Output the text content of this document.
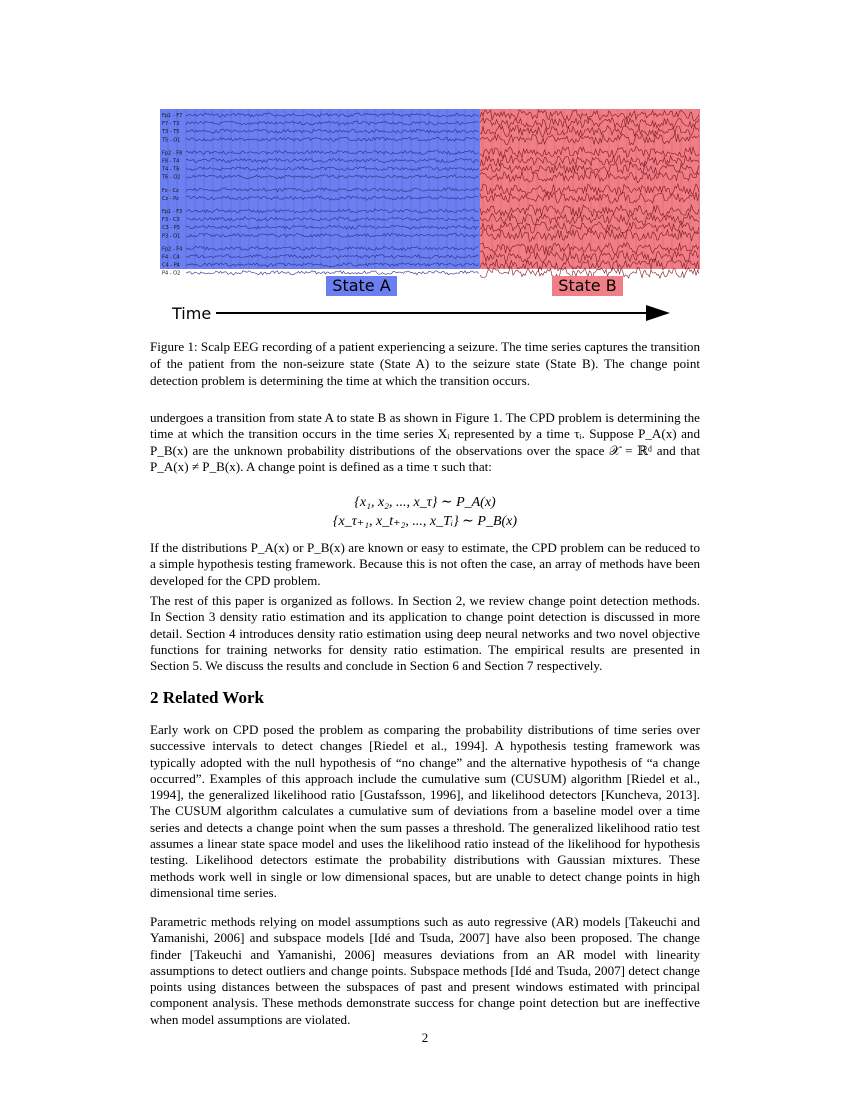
Fp1 - F7
F7 - T3
T3 - T5
T5 - O1
Fp2 - F8
F8 - T4
T4 - T6
T6 - O2
Fz - Cz
Cz - Pz
Fp1 - F3
F3 - C3
C3 - P3
P3 - O1
Fp2 - F4
F4 - C4
C4 - P4
P4 - O2
State A	State B
Time
Figure 1: Scalp EEG recording of a patient experiencing a seizure. The time series captures the transition of the patient from the non-seizure state (State A) to the seizure state (State B). The change point detection problem is determining the time at which the transition occurs.
undergoes a transition from state A to state B as shown in Figure 1. The CPD problem is determining the time at which the transition occurs in the time series Xᵢ represented by a time τᵢ. Suppose P_A(x) and P_B(x) are the unknown probability distributions of the observations over the space 𝒳 = ℝᵈ and that P_A(x) ≠ P_B(x). A change point is defined as a time τ such that:
{x₁, x₂, ..., x_τ} ∼ P_A(x)
{x_τ₊₁, x_t₊₂, ..., x_Tᵢ} ∼ P_B(x)
If the distributions P_A(x) or P_B(x) are known or easy to estimate, the CPD problem can be reduced to a simple hypothesis testing framework. Because this is not often the case, an array of methods have been developed for the CPD problem.
The rest of this paper is organized as follows. In Section 2, we review change point detection methods. In Section 3 density ratio estimation and its application to change point detection is discussed in more detail. Section 4 introduces density ratio estimation using deep neural networks and two novel objective functions for training networks for density ratio estimation. The empirical results are presented in Section 5. We discuss the results and conclude in Section 6 and Section 7 respectively.
2 Related Work
Early work on CPD posed the problem as comparing the probability distributions of time series over successive intervals to detect changes [Riedel et al., 1994]. A hypothesis testing framework was typically adopted with the null hypothesis of “no change” and the alternative hypothesis of “a change occurred”. Examples of this approach include the cumulative sum (CUSUM) algorithm [Riedel et al., 1994], the generalized likelihood ratio [Gustafsson, 1996], and likelihood detectors [Kuncheva, 2013]. The CUSUM algorithm calculates a cumulative sum of deviations from a baseline model over a time series and detects a change point when the sum passes a threshold. The generalized likelihood ratio test assumes a linear state space model and uses the likelihood ratio instead of the likelihood for hypothesis testing. Likelihood detectors estimate the probability distributions with Gaussian mixtures. These methods work well in single or low dimensional spaces, but are unable to detect change points in high dimensional time series.
Parametric methods relying on model assumptions such as auto regressive (AR) models [Takeuchi and Yamanishi, 2006] and subspace models [Idé and Tsuda, 2007] have also been proposed. The change finder [Takeuchi and Yamanishi, 2006] measures deviations from an AR model with linearity assumptions to detect outliers and change points. Subspace methods [Idé and Tsuda, 2007] detect change points using distances between the subspaces of past and present windows estimated with principal component analysis. These methods demonstrate success for change point detection but are ineffective when model assumptions are violated.
2
